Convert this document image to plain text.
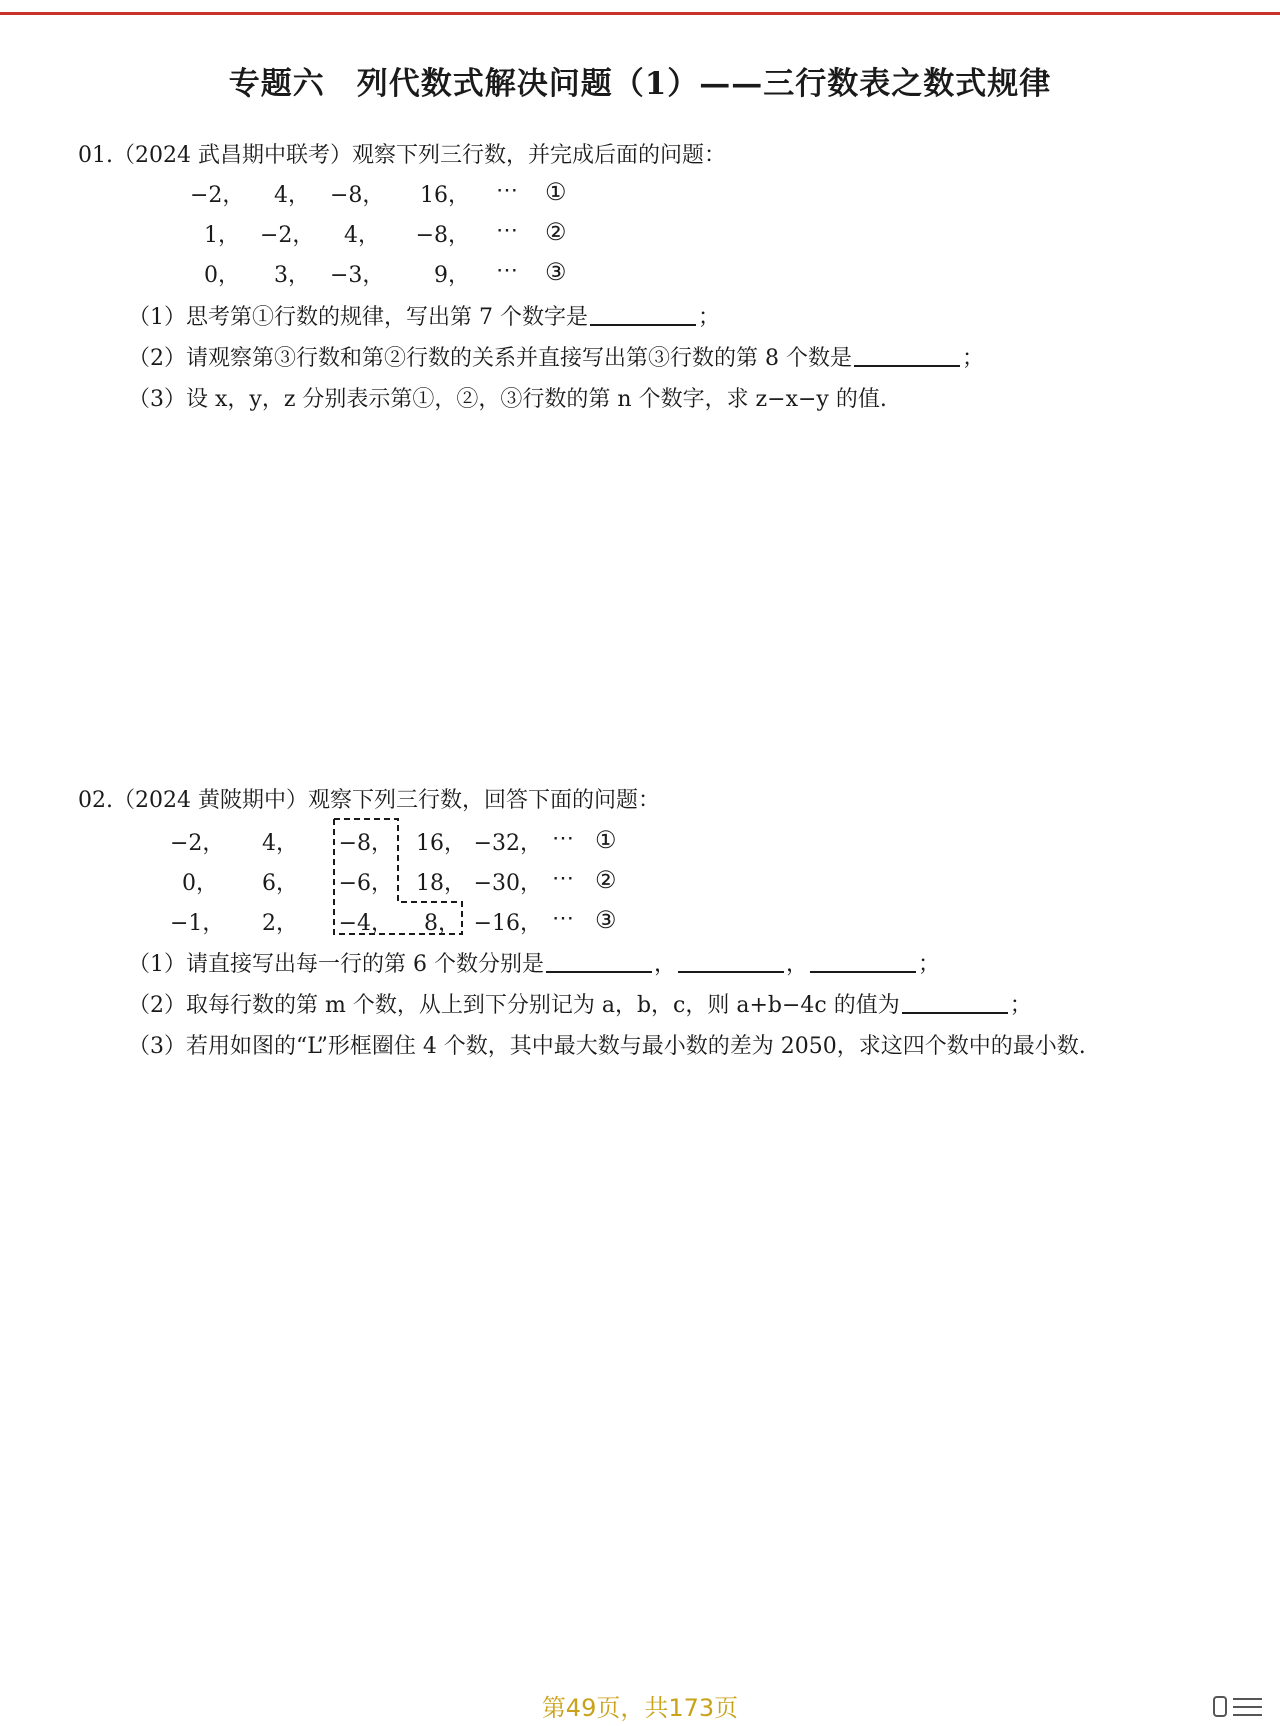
专题六　列代数式解决问题（1）——三行数表之数式规律
01.（2024 武昌期中联考）观察下列三行数，并完成后面的问题：
−2，	4， −8， 16，	⋯ ①
1， −2，	4， −8，	⋯ ②
0，	3， −3，	9，	⋯ ③
（1）思考第①行数的规律，写出第 7 个数字是	；
（2）请观察第③行数和第②行数的关系并直接写出第③行数的第 8 个数是	；
（3）设 x，y，z 分别表示第①，②，③行数的第 n 个数字，求 z−x−y 的值.
02.（2024 黄陂期中）观察下列三行数，回答下面的问题：
−2，	4， −8，	16， −32， ⋯ ①
0，	6， −6，	18， −30， ⋯ ②
−1，	2， −4，	8， −16， ⋯ ③
（1）请直接写出每一行的第 6 个数分别是	，	，	；
（2）取每行数的第 m 个数，从上到下分别记为 a，b，c，则 a+b−4c 的值为	；
（3）若用如图的“L”形框圈住 4 个数，其中最大数与最小数的差为 2050，求这四个数中的最小数.
第49页，共173页
